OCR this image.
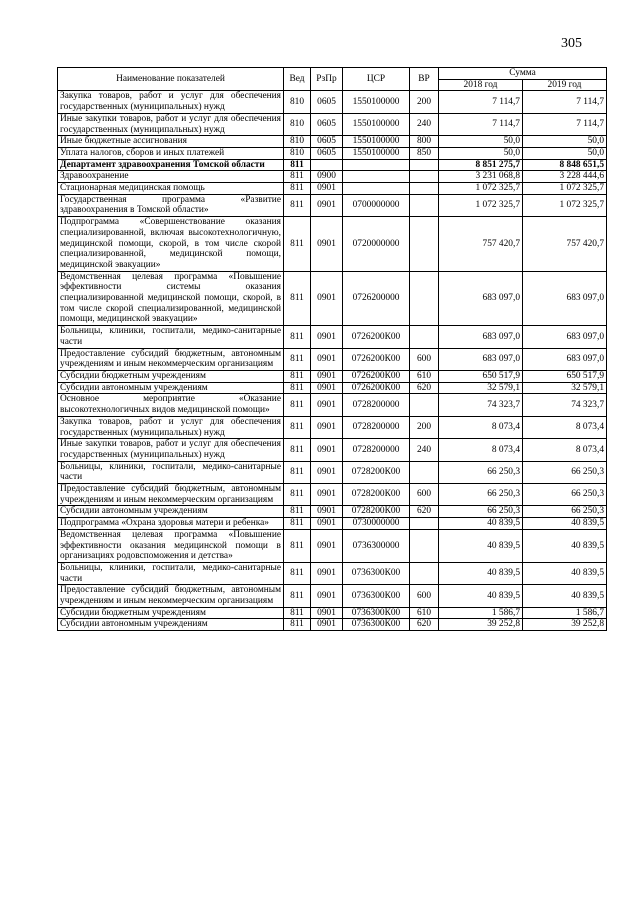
305
Наименование показателей	Вед	РзПр	ЦСР	ВР	Сумма	
					2018 год	2019 год
Закупка товаров, работ и услуг для обеспечения государственных (муниципальных) нужд	810	0605	1550100000	200	7 114,7	7 114,7
Иные закупки товаров, работ и услуг для обеспечения государственных (муниципальных) нужд	810	0605	1550100000	240	7 114,7	7 114,7
Иные бюджетные ассигнования	810	0605	1550100000	800	50,0	50,0
Уплата налогов, сборов и иных платежей	810	0605	1550100000	850	50,0	50,0
Департамент здравоохранения Томской области	811				8 851 275,7	8 848 651,5
Здравоохранение	811	0900			3 231 068,8	3 228 444,6
Стационарная медицинская помощь	811	0901			1 072 325,7	1 072 325,7
Государственная программа «Развитие здравоохранения в Томской области»	811	0901	0700000000		1 072 325,7	1 072 325,7
Подпрограмма «Совершенствование оказания специализированной, включая высокотехнологичную, медицинской помощи, скорой, в том числе скорой специализированной, медицинской помощи, медицинской эвакуации»	811	0901	0720000000		757 420,7	757 420,7
Ведомственная целевая программа «Повышение эффективности системы оказания специализированной медицинской помощи, скорой, в том числе скорой специализированной, медицинской помощи, медицинской эвакуации»	811	0901	0726200000		683 097,0	683 097,0
Больницы, клиники, госпитали, медико-санитарные части	811	0901	0726200К00		683 097,0	683 097,0
Предоставление субсидий бюджетным, автономным учреждениям и иным некоммерческим организациям	811	0901	0726200К00	600	683 097,0	683 097,0
Субсидии бюджетным учреждениям	811	0901	0726200К00	610	650 517,9	650 517,9
Субсидии автономным учреждениям	811	0901	0726200К00	620	32 579,1	32 579,1
Основное мероприятие «Оказание высокотехнологичных видов медицинской помощи»	811	0901	0728200000		74 323,7	74 323,7
Закупка товаров, работ и услуг для обеспечения государственных (муниципальных) нужд	811	0901	0728200000	200	8 073,4	8 073,4
Иные закупки товаров, работ и услуг для обеспечения государственных (муниципальных) нужд	811	0901	0728200000	240	8 073,4	8 073,4
Больницы, клиники, госпитали, медико-санитарные части	811	0901	0728200К00		66 250,3	66 250,3
Предоставление субсидий бюджетным, автономным учреждениям и иным некоммерческим организациям	811	0901	0728200К00	600	66 250,3	66 250,3
Субсидии автономным учреждениям	811	0901	0728200К00	620	66 250,3	66 250,3
Подпрограмма «Охрана здоровья матери и ребенка»	811	0901	0730000000		40 839,5	40 839,5
Ведомственная целевая программа «Повышение эффективности оказания медицинской помощи в организациях родовспоможения и детства»	811	0901	0736300000		40 839,5	40 839,5
Больницы, клиники, госпитали, медико-санитарные части	811	0901	0736300К00		40 839,5	40 839,5
Предоставление субсидий бюджетным, автономным учреждениям и иным некоммерческим организациям	811	0901	0736300К00	600	40 839,5	40 839,5
Субсидии бюджетным учреждениям	811	0901	0736300К00	610	1 586,7	1 586,7
Субсидии автономным учреждениям	811	0901	0736300К00	620	39 252,8	39 252,8
